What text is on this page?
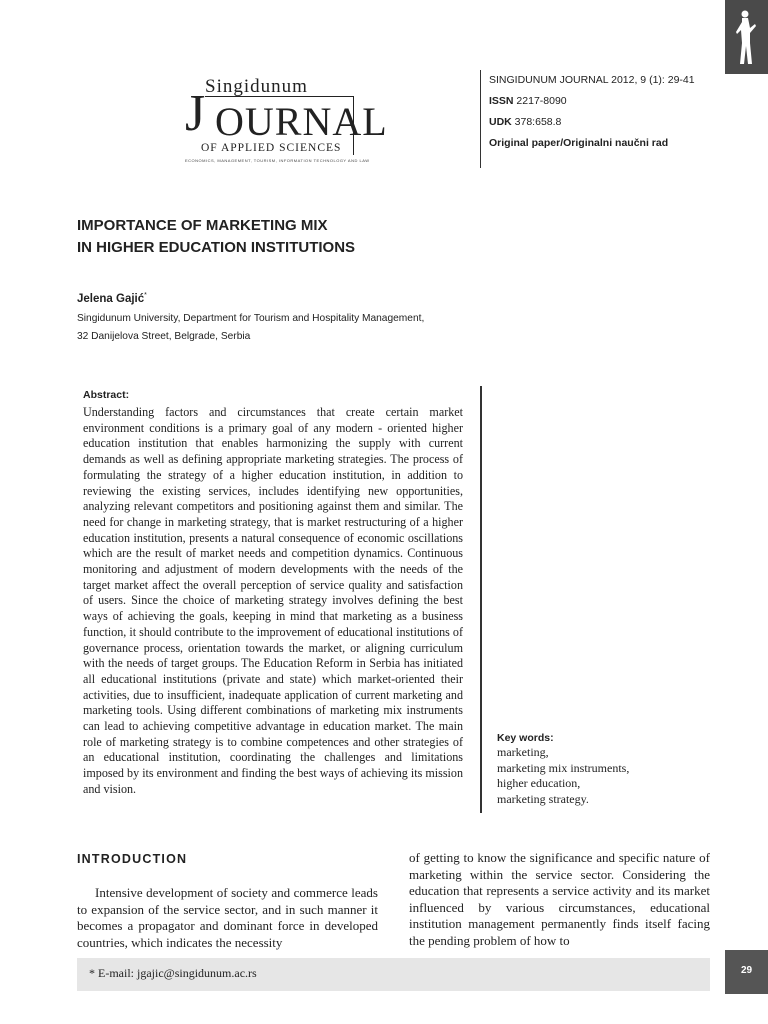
Singidunum
J OURNAL
OF APPLIED SCIENCES
ECONOMICS, MANAGEMENT, TOURISM, INFORMATION TECHNOLOGY AND LAW
SINGIDUNUM JOURNAL 2012, 9 (1): 29-41
ISSN 2217-8090
UDK 378:658.8
Original paper/Originalni naučni rad
IMPORTANCE OF MARKETING MIX
IN HIGHER EDUCATION INSTITUTIONS
Jelena Gajić*
Singidunum University, Department for Tourism and Hospitality Management,
32 Danijelova Street, Belgrade, Serbia
Abstract:
Understanding factors and circumstances that create certain market environment conditions is a primary goal of any modern - oriented higher education institution that enables harmonizing the supply with current demands as well as defining appropriate marketing strategies. The process of formulating the strategy of a higher education institution, in addition to reviewing the existing services, includes identifying new opportunities, analyzing relevant competitors and positioning against them and similar. The need for change in marketing strategy, that is market restructuring of a higher education institution, presents a natural consequence of economic oscillations which are the result of market needs and competition dynamics. Continuous monitoring and adjustment of modern developments with the needs of the target market affect the overall perception of service quality and satisfaction of users. Since the choice of marketing strategy involves defining the best ways of achieving the goals, keeping in mind that marketing as a business function, it should contribute to the improvement of educational institutions of governance process, orientation towards the market, or aligning curriculum with the needs of target groups. The Education Reform in Serbia has initiated all educational institutions (private and state) which market-oriented their activities, due to insufficient, inadequate application of current marketing and marketing tools. Using different combinations of marketing mix instruments can lead to achieving competitive advantage in education market. The main role of marketing strategy is to combine competences and other strategies of an educational institution, coordinating the challenges and limitations imposed by its environment and finding the best ways of achieving its mission and vision.
Key words:
marketing,
marketing mix instruments,
higher education,
marketing strategy.
INTRODUCTION

Intensive development of society and commerce leads to expansion of the service sector, and in such manner it becomes a propagator and dominant force in developed countries, which indicates the necessity

of getting to know the significance and specific nature of marketing within the service sector. Considering the education that represents a service activity and its market influenced by various circumstances, educational institution management permanently finds itself facing the pending problem of how to

* E-mail: jgajic@singidunum.ac.rs	29
